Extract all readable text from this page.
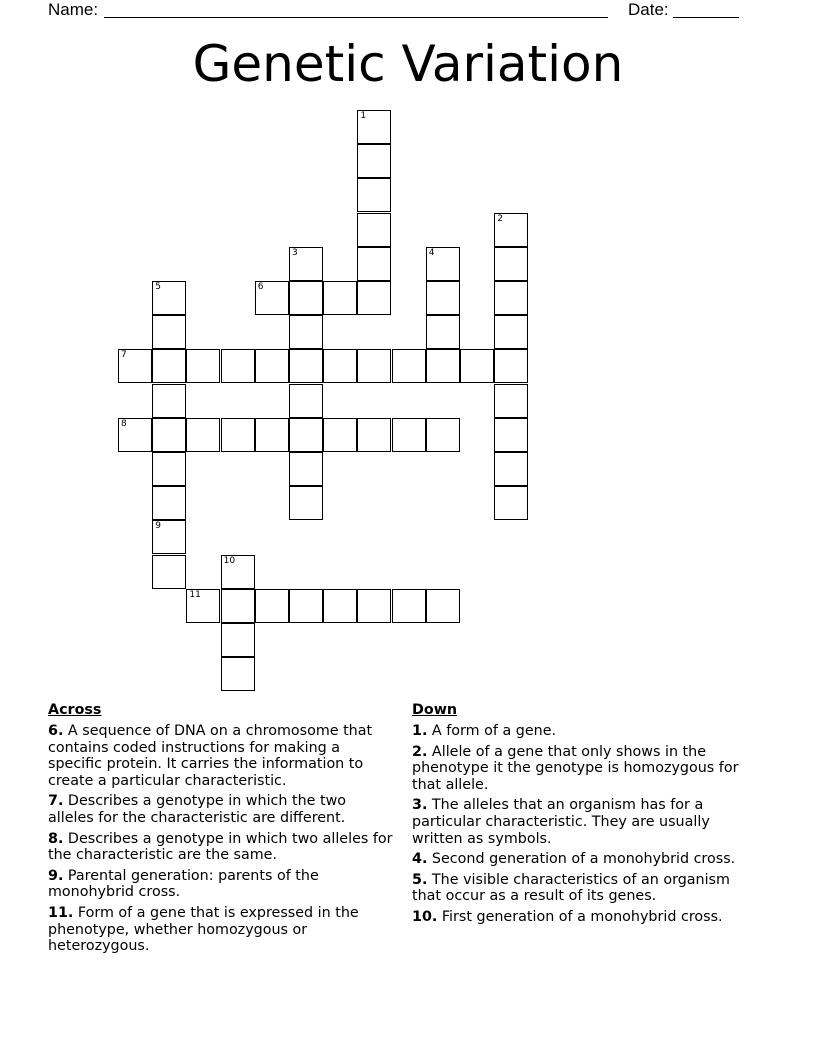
Name:	Date:
Genetic Variation
1
2
3	4
5
9
6
7
8
10
11
Across
6. A sequence of DNA on a chromosome that contains coded instructions for making a specific protein. It carries the information to create a particular characteristic.
7. Describes a genotype in which the two alleles for the characteristic are different.
8. Describes a genotype in which two alleles for the characteristic are the same.
9. Parental generation: parents of the monohybrid cross.
11. Form of a gene that is expressed in the phenotype, whether homozygous or heterozygous.
Down
1. A form of a gene.
2. Allele of a gene that only shows in the phenotype it the genotype is homozygous for that allele.
3. The alleles that an organism has for a particular characteristic. They are usually written as symbols.
4. Second generation of a monohybrid cross.
5. The visible characteristics of an organism that occur as a result of its genes.
10. First generation of a monohybrid cross.
